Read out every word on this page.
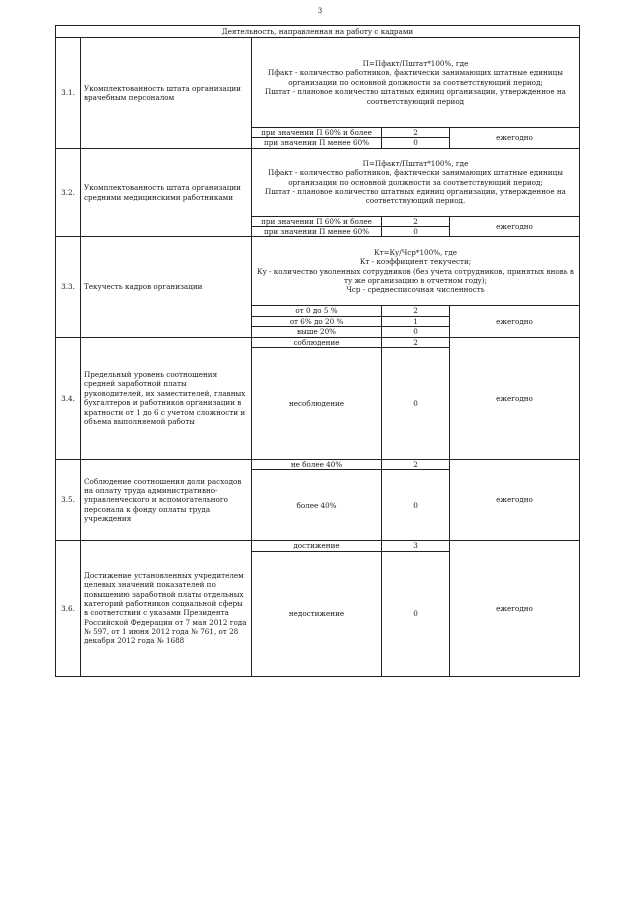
3
Деятельность, направленная на работу с кадрами				
3.1.	Укомплектованность штата организации врачебным персоналом	П=Пфакт/Пштат*100%, где
Пфакт - количество работников, фактически занимающих штатные единицы организации по основной должности за соответствующий период;
Пштат - плановое количество штатных единиц организации, утвержденное на соответствующий период		

		при значении П 60% и более	2	ежегодно
		при значении П менее 60%	0	
3.2.	Укомплектованность штата организации средними медицинскими работниками	П=Пфакт/Пштат*100%, где
Пфакт - количество работников, фактически занимающих штатные единицы организации по основной должности за соответствующий период;
Пштат - плановое количество штатных единиц организации, утвержденное на соответствующий период.		

		при значении П 60% и более	2	ежегодно
		при значении П менее 60%	0	
3.3.	Текучесть кадров организации	Кт=Ку/Чср*100%, где
Кт - коэффициент текучести;
Ку - количество уволенных сотрудников (без учета сотрудников, принятых вновь в ту же организацию в отчетном году);
Чср - среднесписочная численность		

		от 0 до 5 %	2	ежегодно
		от 6% до 20 %	1	
		выше 20%	0	
3.4.	Предельный уровень соотношения средней заработной платы руководителей, их заместителей, главных бухгалтеров и работников организации в кратности от 1 до 6 с учетом сложности и объема выполняемой работы	соблюдение	2	ежегодно
		несоблюдение	0	
3.5.	Соблюдение соотношения доли расходов на оплату труда административно-управленческого и вспомогательного персонала к фонду оплаты труда учреждения	не более 40%	2	ежегодно
		более 40%	0	
3.6.	Достижение установленных учредителем целевых значений показателей по повышению заработной платы отдельных категорий работников социальной сферы в соответствии с указами Президента Российской Федерации от 7 мая 2012 года № 597, от 1 июня 2012 года № 761, от 28 декабря 2012 года № 1688	достижение	3	ежегодно
		недостижение	0	
